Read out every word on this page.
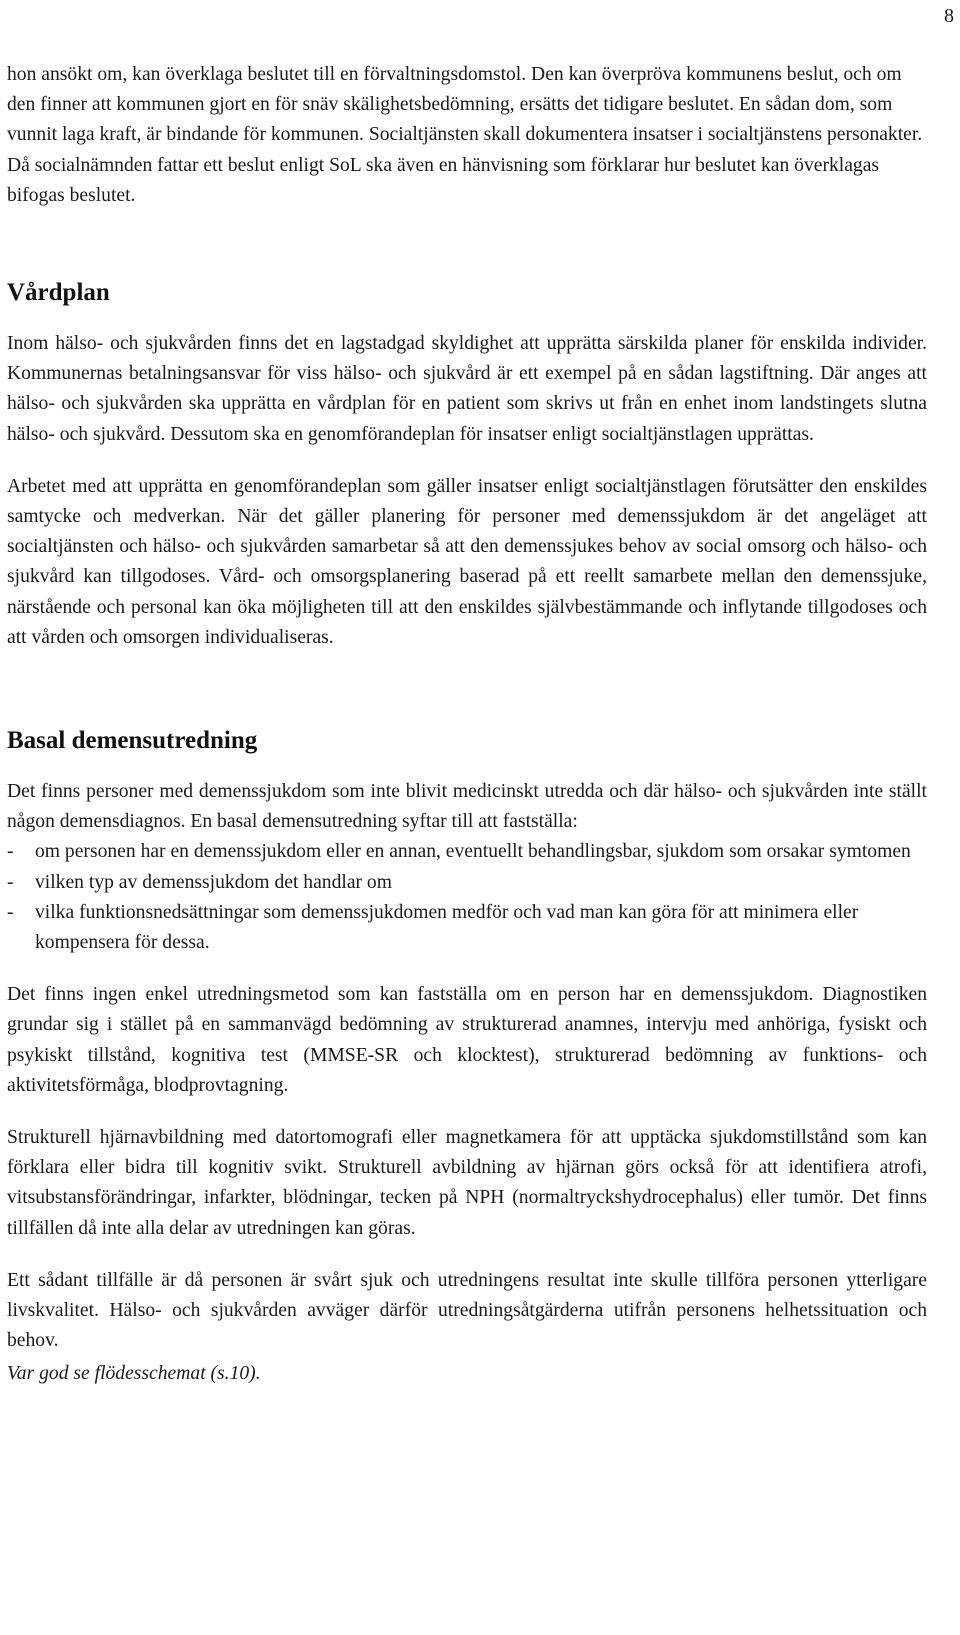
8

hon ansökt om, kan överklaga beslutet till en förvaltningsdomstol. Den kan överpröva kommunens beslut, och om den finner att kommunen gjort en för snäv skälighetsbedömning, ersätts det tidigare beslutet. En sådan dom, som vunnit laga kraft, är bindande för kommunen. Socialtjänsten skall dokumentera insatser i socialtjänstens personakter. Då socialnämnden fattar ett beslut enligt SoL ska även en hänvisning som förklarar hur beslutet kan överklagas bifogas beslutet.

Vårdplan

Inom hälso- och sjukvården finns det en lagstadgad skyldighet att upprätta särskilda planer för enskilda individer. Kommunernas betalningsansvar för viss hälso- och sjukvård är ett exempel på en sådan lagstiftning. Där anges att hälso- och sjukvården ska upprätta en vårdplan för en patient som skrivs ut från en enhet inom landstingets slutna hälso- och sjukvård. Dessutom ska en genomförandeplan för insatser enligt socialtjänstlagen upprättas.

Arbetet med att upprätta en genomförandeplan som gäller insatser enligt socialtjänstlagen förutsätter den enskildes samtycke och medverkan. När det gäller planering för personer med demenssjukdom är det angeläget att socialtjänsten och hälso- och sjukvården samarbetar så att den demenssjukes behov av social omsorg och hälso- och sjukvård kan tillgodoses. Vård- och omsorgsplanering baserad på ett reellt samarbete mellan den demenssjuke, närstående och personal kan öka möjligheten till att den enskildes självbestämmande och inflytande tillgodoses och att vården och omsorgen individualiseras.

Basal demensutredning

Det finns personer med demenssjukdom som inte blivit medicinskt utredda och där hälso- och sjukvården inte ställt någon demensdiagnos. En basal demensutredning syftar till att fastställa:

- om personen har en demenssjukdom eller en annan, eventuellt behandlingsbar, sjukdom som orsakar symtomen
- vilken typ av demenssjukdom det handlar om
- vilka funktionsnedsättningar som demenssjukdomen medför och vad man kan göra för att minimera eller kompensera för dessa.

Det finns ingen enkel utredningsmetod som kan fastställa om en person har en demenssjukdom. Diagnostiken grundar sig i stället på en sammanvägd bedömning av strukturerad anamnes, intervju med anhöriga, fysiskt och psykiskt tillstånd, kognitiva test (MMSE-SR och klocktest), strukturerad bedömning av funktions- och aktivitetsförmåga, blodprovtagning.

Strukturell hjärnavbildning med datortomografi eller magnetkamera för att upptäcka sjukdomstillstånd som kan förklara eller bidra till kognitiv svikt. Strukturell avbildning av hjärnan görs också för att identifiera atrofi, vitsubstansförändringar, infarkter, blödningar, tecken på NPH (normaltryckshydrocephalus) eller tumör. Det finns tillfällen då inte alla delar av utredningen kan göras.

Ett sådant tillfälle är då personen är svårt sjuk och utredningens resultat inte skulle tillföra personen ytterligare livskvalitet. Hälso- och sjukvården avväger därför utredningsåtgärderna utifrån personens helhetssituation och behov.

Var god se flödesschemat (s.10).
